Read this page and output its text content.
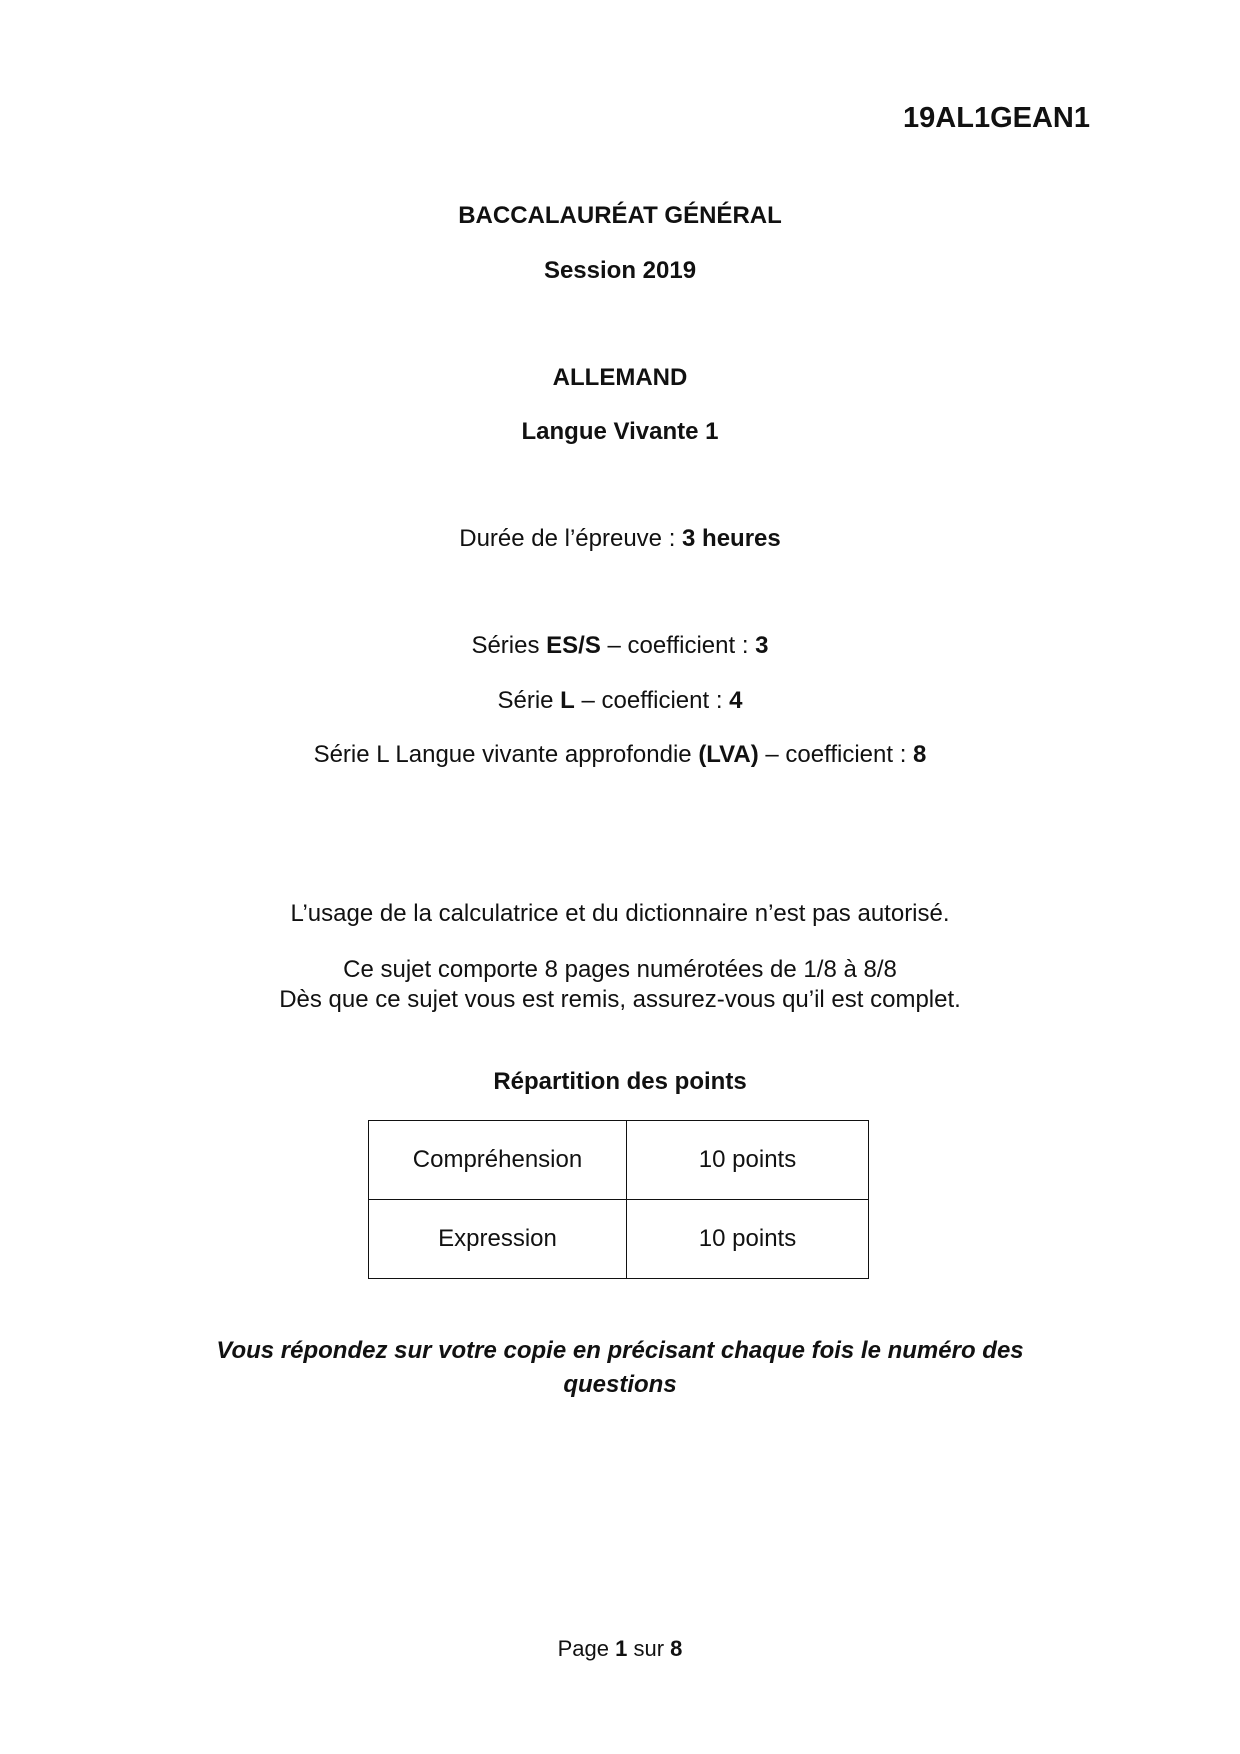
19AL1GEAN1
BACCALAURÉAT GÉNÉRAL
Session 2019
ALLEMAND
Langue Vivante 1
Durée de l’épreuve : 3 heures
Séries ES/S – coefficient : 3
Série L – coefficient : 4
Série L Langue vivante approfondie (LVA) – coefficient : 8
L’usage de la calculatrice et du dictionnaire n’est pas autorisé.
Ce sujet comporte 8 pages numérotées de 1/8 à 8/8
Dès que ce sujet vous est remis, assurez-vous qu’il est complet.
Répartition des points
Compréhension	10 points
Expression	10 points
Vous répondez sur votre copie en précisant chaque fois le numéro des
questions
Page 1 sur 8
